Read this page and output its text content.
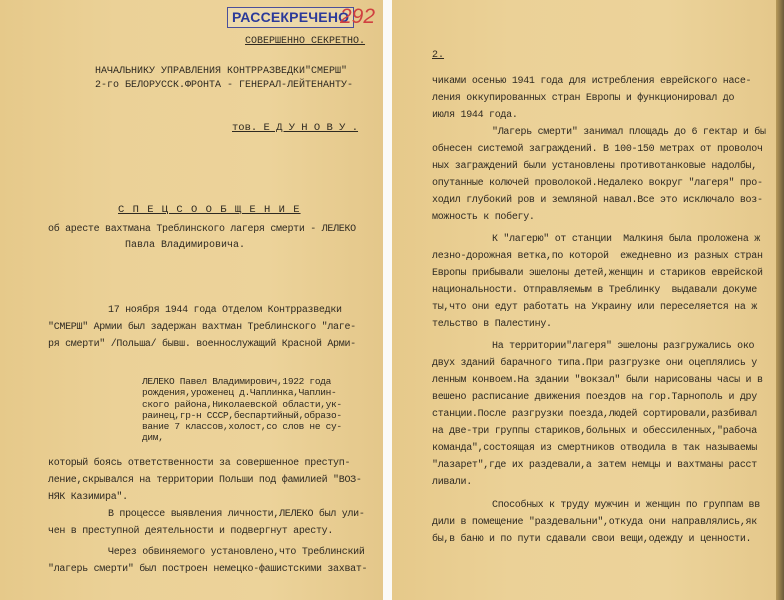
РАССЕКРЕЧЕНО
292
СОВЕРШЕННО СЕКРЕТНО.
НАЧАЛЬНИКУ УПРАВЛЕНИЯ КОНТРРАЗВЕДКИ"СМЕРШ"
2-го БЕЛОРУССК.ФРОНТА - ГЕНЕРАЛ-ЛЕЙТЕНАНТУ-
тов. Е Д У Н О В У .
С П Е Ц С О О Б Щ Е Н И Е
об аресте вахтмана Треблинского лагеря смерти - ЛЕЛЕКО
Павла Владимировича.
17 ноября 1944 года Отделом Контрразведки
"СМЕРШ" Армии был задержан вахтман Треблинского "лаге-
ря смерти" /Польша/ бывш. военнослужащий Красной Арми-
ЛЕЛЕКО Павел Владимирович,1922 года
рождения,уроженец д.Чаплинка,Чаплин-
ского района,Николаевской области,ук-
раинец,гр-н СССР,беспартийный,образо-
вание 7 классов,холост,со слов не су-
дим,
который боясь ответственности за совершенное преступ-
ление,скрывался на территории Польши под фамилией "ВОЗ-
НЯК Казимира".
В процессе выявления личности,ЛЕЛЕКО был ули-
чен в преступной деятельности и подвергнут аресту.
Через обвиняемого установлено,что Треблинский
"лагерь смерти" был построен немецко-фашистскими захват-
2.
чиками осенью 1941 года для истребления еврейского насе-
ления оккупированных стран Европы и функционировал до
июля 1944 года.
"Лагерь смерти" занимал площадь до 6 гектар и бы
обнесен системой заграждений. В 100-150 метрах от проволоч
ных заграждений были установлены противотанковые надолбы,
опутанные колючей проволокой.Недалеко вокруг "лагеря" про-
ходил глубокий ров и земляной навал.Все это исключало воз-
можность к побегу.
К "лагерю" от станции  Малкиня была проложена ж
лезно-дорожная ветка,по которой  ежедневно из разных стран
Европы прибывали эшелоны детей,женщин и стариков еврейской
национальности. Отправляемым в Треблинку  выдавали докуме
ты,что они едут работать на Украину или переселяется на ж
тельство в Палестину.
На территории"лагеря" эшелоны разгружались око
двух зданий барачного типа.При разгрузке они оцеплялись у
ленным конвоем.На здании "вокзал" были нарисованы часы и в
вешено расписание движения поездов на гор.Тарнополь и дру
станции.После разгрузки поезда,людей сортировали,разбивал
на две-три группы стариков,больных и обессиленных,"рабоча
команда",состоящая из смертников отводила в так называемы
"лазарет",где их раздевали,а затем немцы и вахтманы расст
ливали.
Способных к труду мужчин и женщин по группам вв
дили в помещение "раздевальни",откуда они направлялись,як
бы,в баню и по пути сдавали свои вещи,одежду и ценности.
